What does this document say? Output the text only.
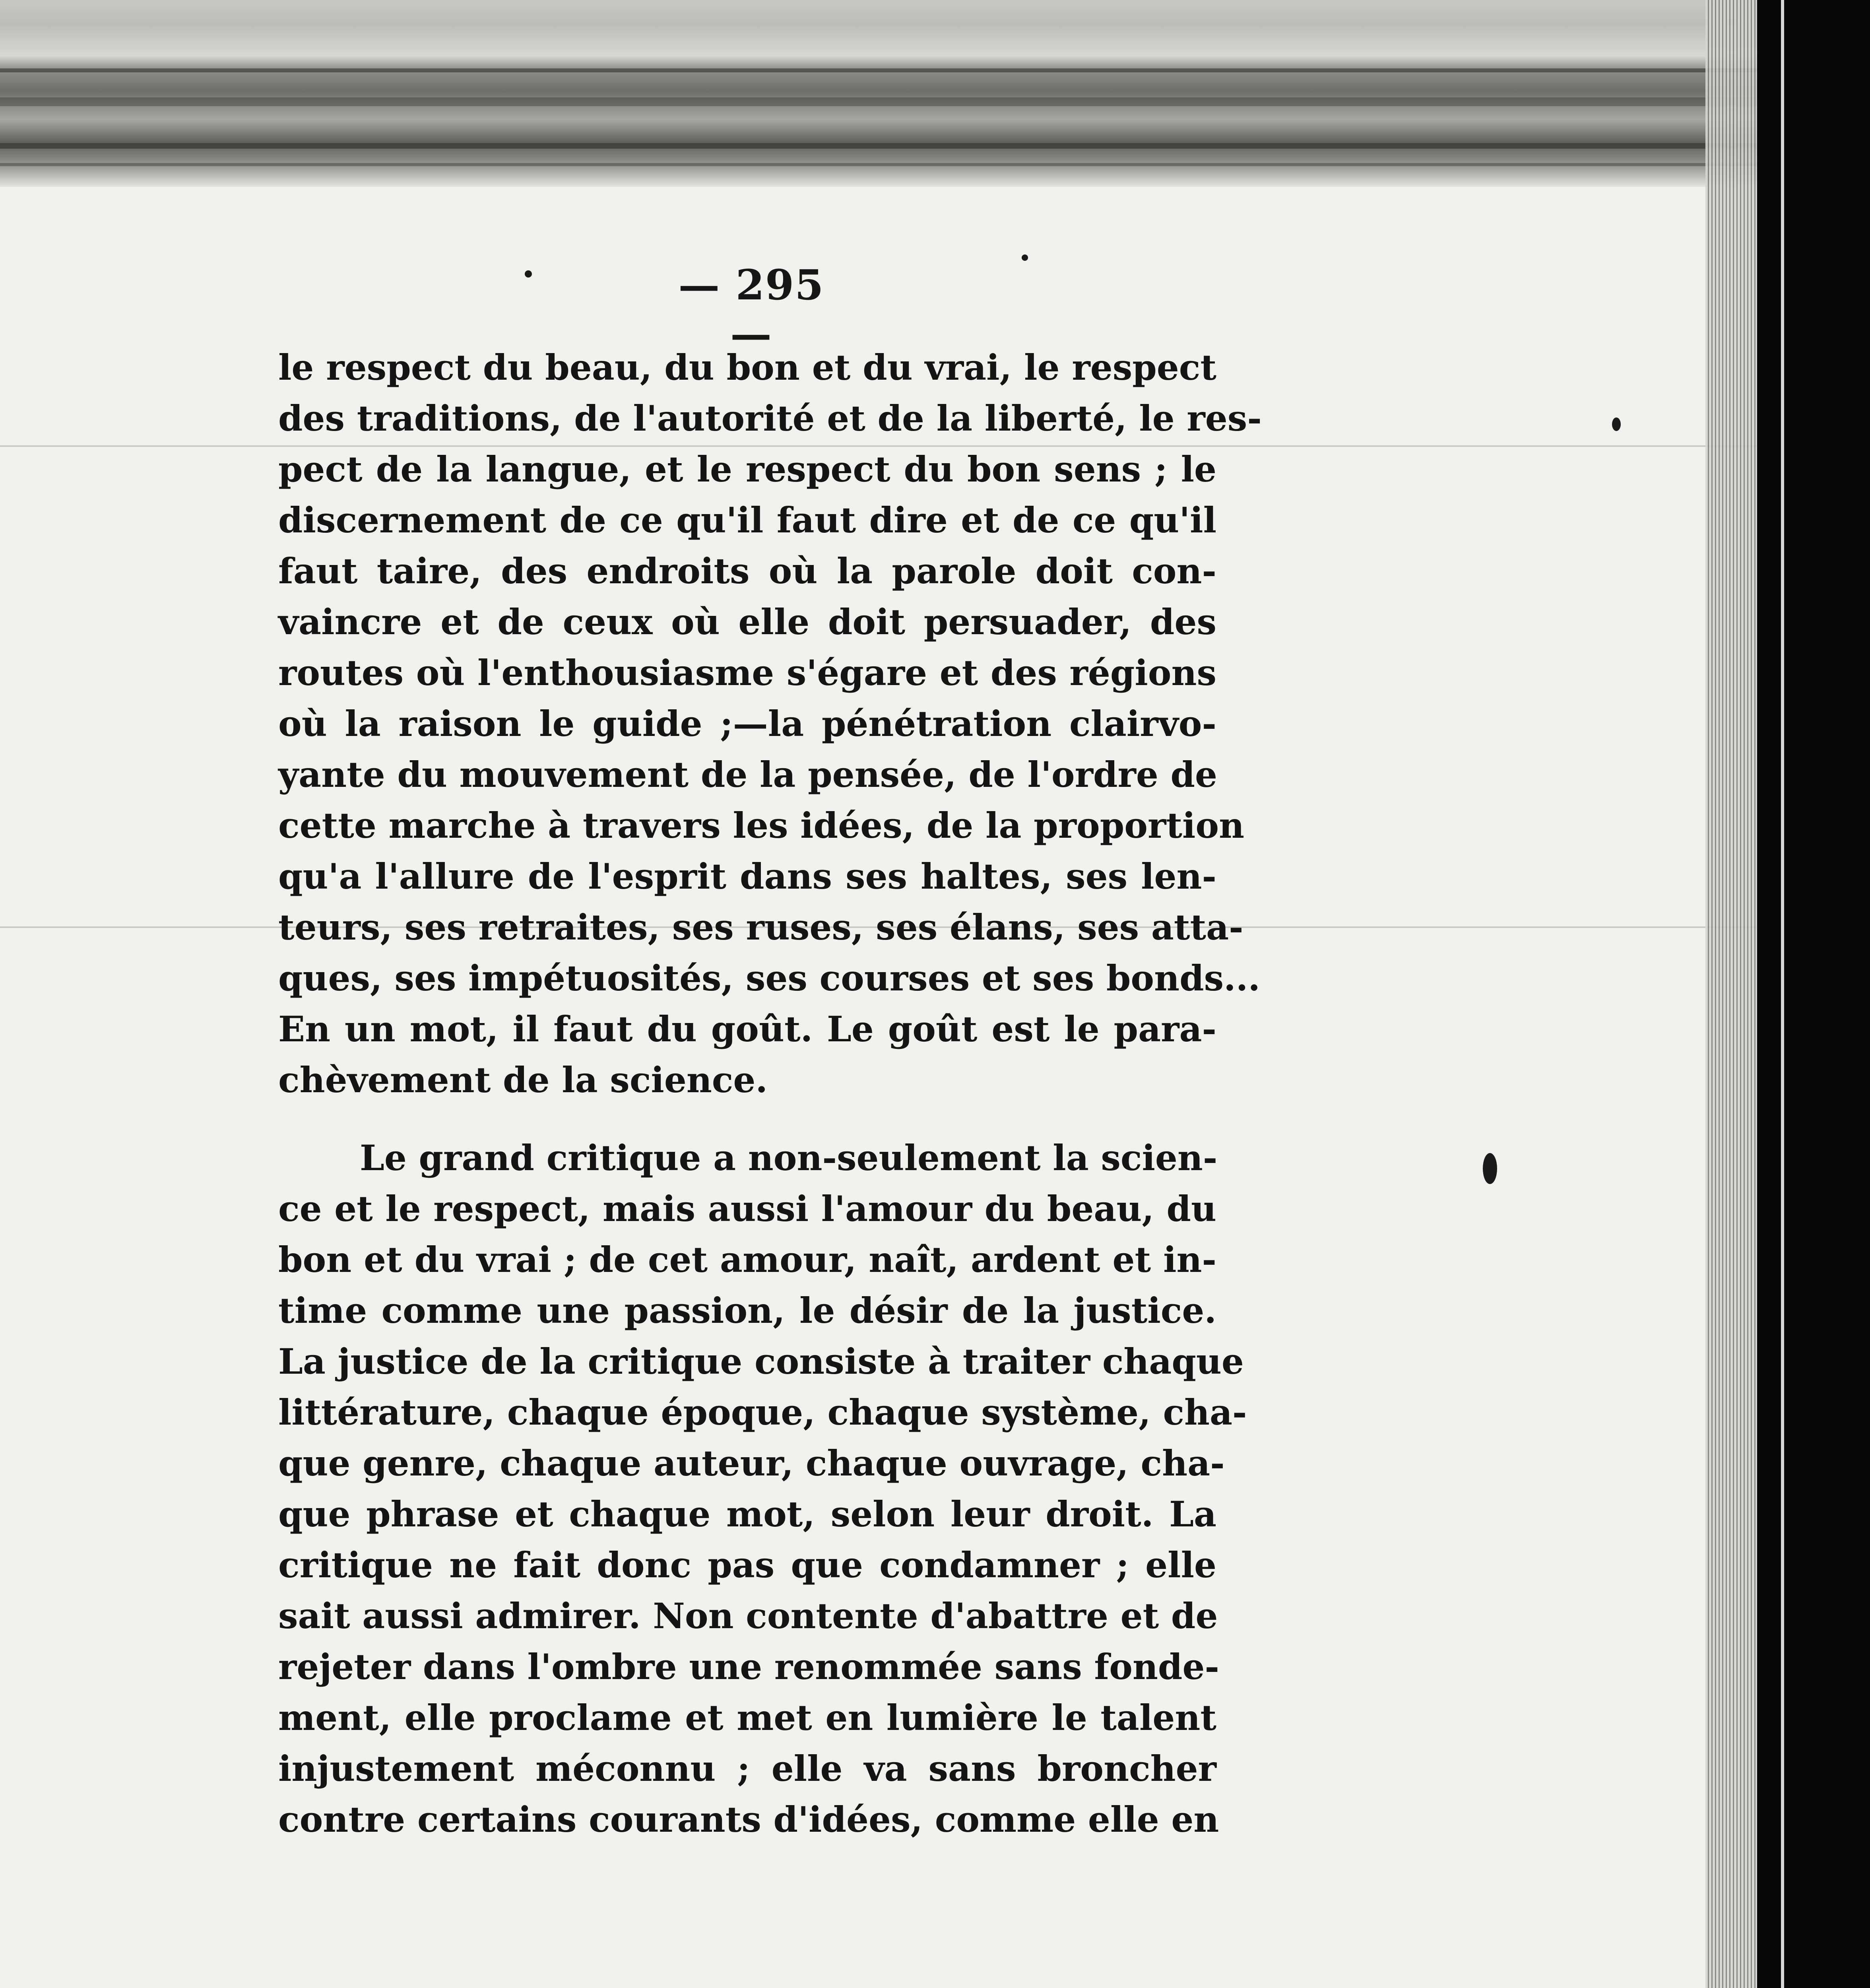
— 295 —
le respect du beau, du bon et du vrai, le respect
des traditions, de l'autorité et de la liberté, le res-
pect de la langue, et le respect du bon sens ; le
discernement de ce qu'il faut dire et de ce qu'il
faut taire, des endroits où la parole doit con-
vaincre et de ceux où elle doit persuader, des
routes où l'enthousiasme s'égare et des régions
où la raison le guide ;—la pénétration clairvo-
yante du mouvement de la pensée, de l'ordre de
cette marche à travers les idées, de la proportion
qu'a l'allure de l'esprit dans ses haltes, ses len-
teurs, ses retraites, ses ruses, ses élans, ses atta-
ques, ses impétuosités, ses courses et ses bonds...
En un mot, il faut du goût. Le goût est le para-
chèvement de la science.
Le grand critique a non-seulement la scien-
ce et le respect, mais aussi l'amour du beau, du
bon et du vrai ; de cet amour, naît, ardent et in-
time comme une passion, le désir de la justice.
La justice de la critique consiste à traiter chaque
littérature, chaque époque, chaque système, cha-
que genre, chaque auteur, chaque ouvrage, cha-
que phrase et chaque mot, selon leur droit. La
critique ne fait donc pas que condamner ; elle
sait aussi admirer. Non contente d'abattre et de
rejeter dans l'ombre une renommée sans fonde-
ment, elle proclame et met en lumière le talent
injustement méconnu ; elle va sans broncher
contre certains courants d'idées, comme elle en
